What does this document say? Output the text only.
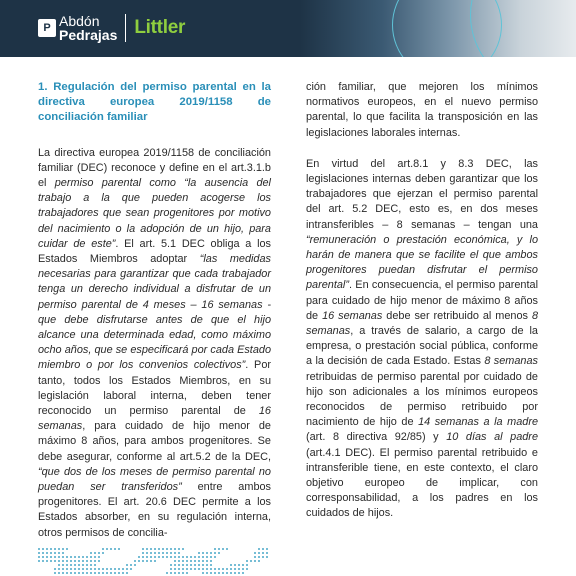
P Abdón
Pedrajas Littler
1. Regulación del permiso parental en la directiva europea 2019/1158 de conciliación familiar

La directiva europea 2019/1158 de conciliación familiar (DEC) reconoce y define en el art.3.1.b el permiso parental como “la ausencia del trabajo a la que pueden acogerse los trabajadores que sean progenitores por motivo del nacimiento o la adopción de un hijo, para cuidar de este”. El art. 5.1 DEC obliga a los Estados Miembros adoptar “las medidas necesarias para garantizar que cada trabajador tenga un derecho individual a disfrutar de un permiso parental de 4 meses – 16 semanas - que debe disfrutarse antes de que el hijo alcance una determinada edad, como máximo ocho años, que se especificará por cada Estado miembro o por los convenios colectivos”. Por tanto, todos los Estados Miembros, en su legislación laboral interna, deben tener reconocido un permiso parental de 16 semanas, para cuidado de hijo menor de máximo 8 años, para ambos progenitores. Se debe asegurar, conforme al art.5.2 de la DEC, “que dos de los meses de permiso parental no puedan ser transferidos” entre ambos progenitores. El art. 20.6 DEC permite a los Estados absorber, en su regulación interna, otros permisos de concilia-

ción familiar, que mejoren los mínimos normativos europeos, en el nuevo permiso parental, lo que facilita la transposición en las legislaciones laborales internas.

En virtud del art.8.1 y 8.3 DEC, las legislaciones internas deben garantizar que los trabajadores que ejerzan el permiso parental del art. 5.2 DEC, esto es, en dos meses intransferibles – 8 semanas – tengan una “remuneración o prestación económica, y lo harán de manera que se facilite el que ambos progenitores puedan disfrutar el permiso parental”. En consecuencia, el permiso parental para cuidado de hijo menor de máximo 8 años de 16 semanas debe ser retribuido al menos 8 semanas, a través de salario, a cargo de la empresa, o prestación social pública, conforme a la decisión de cada Estado. Estas 8 semanas retribuidas de permiso parental por cuidado de hijo son adicionales a los mínimos europeos reconocidos de permiso retribuido por nacimiento de hijo de 14 semanas a la madre (art. 8 directiva 92/85) y 10 días al padre (art.4.1 DEC). El permiso parental retribuido e intransferible tiene, en este contexto, el claro objetivo europeo de implicar, con corresponsabilidad, a los padres en los cuidados de hijos.
